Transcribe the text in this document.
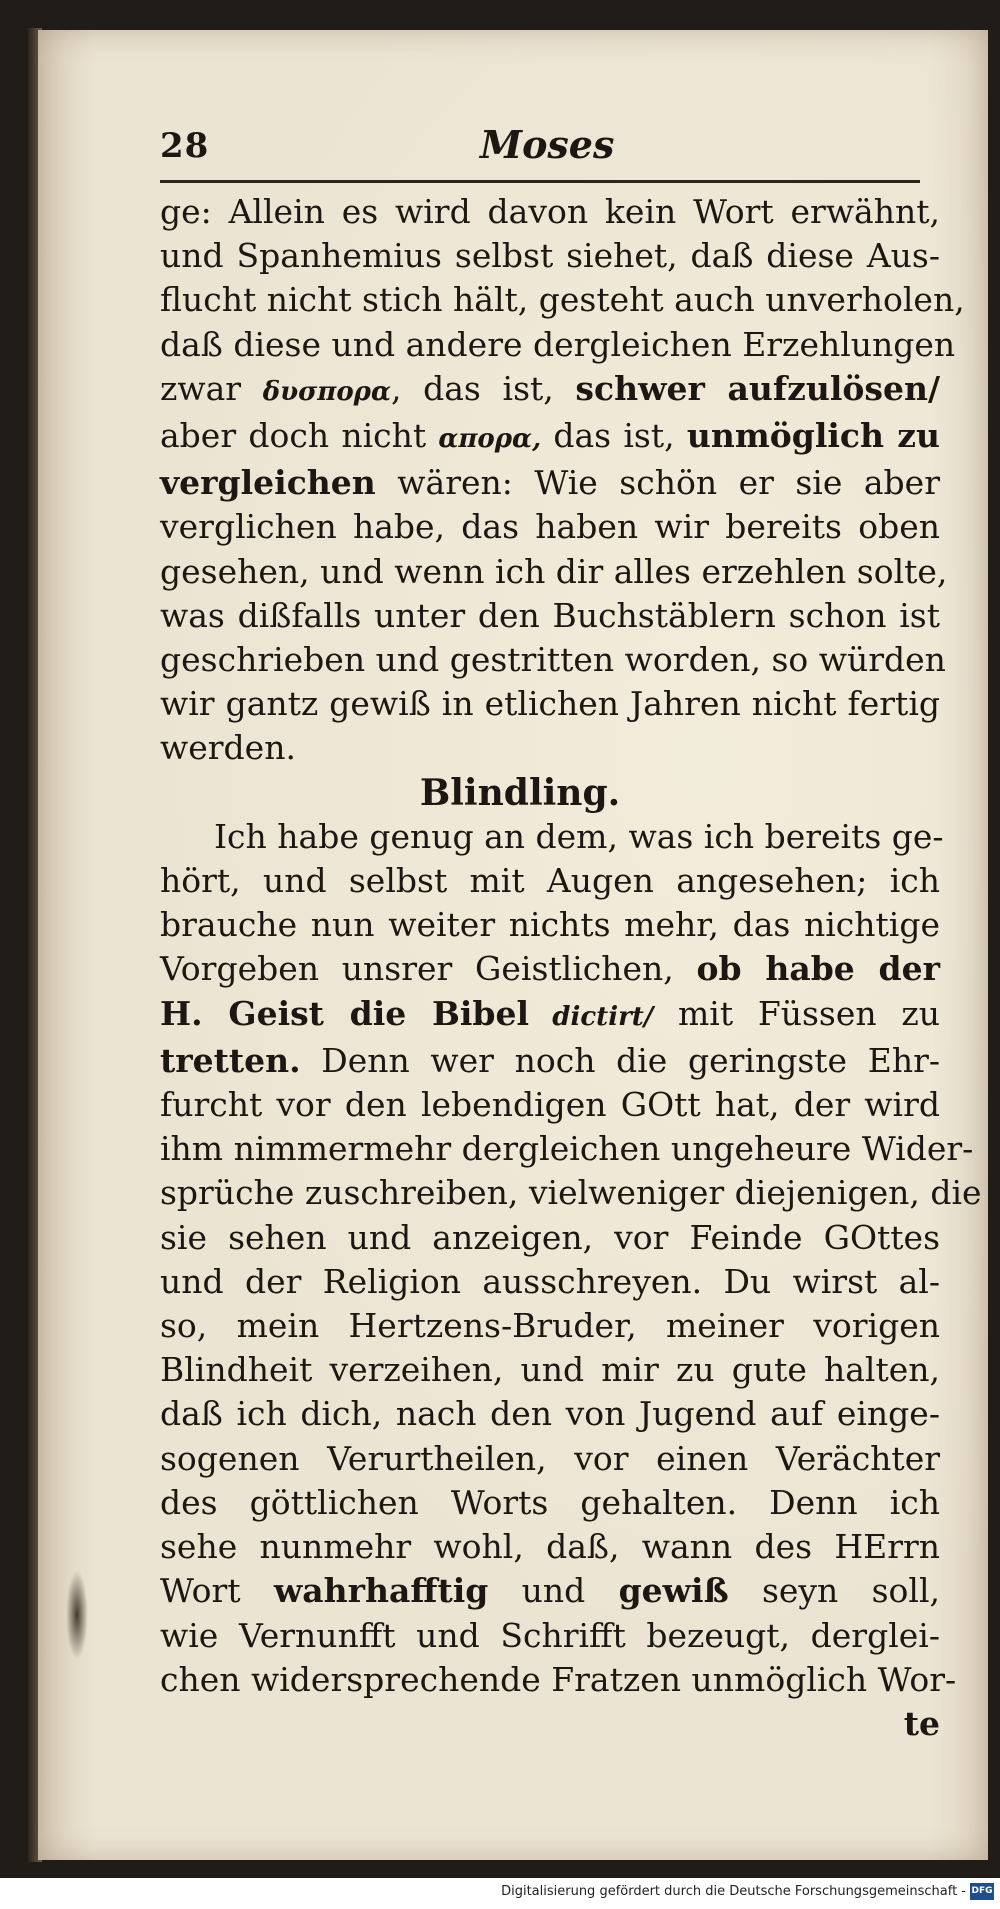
28	Moses
ge: Allein es wird davon kein Wort erwähnt,
und Spanhemius selbst siehet, daß diese Aus-
flucht nicht stich hält, gesteht auch unverholen,
daß diese und andere dergleichen Erzehlungen
zwar δυσπορα, das ist, schwer aufzulösen/
aber doch nicht απορα, das ist, unmöglich zu
vergleichen wären: Wie schön er sie aber
verglichen habe, das haben wir bereits oben
gesehen, und wenn ich dir alles erzehlen solte,
was dißfalls unter den Buchstäblern schon ist
geschrieben und gestritten worden, so würden
wir gantz gewiß in etlichen Jahren nicht fertig
werden.
Blindling.
Ich habe genug an dem, was ich bereits ge-
hört, und selbst mit Augen angesehen; ich
brauche nun weiter nichts mehr, das nichtige
Vorgeben unsrer Geistlichen, ob habe der
H. Geist die Bibel dictirt/ mit Füssen zu
tretten. Denn wer noch die geringste Ehr-
furcht vor den lebendigen GOtt hat, der wird
ihm nimmermehr dergleichen ungeheure Wider-
sprüche zuschreiben, vielweniger diejenigen, die
sie sehen und anzeigen, vor Feinde GOttes
und der Religion ausschreyen. Du wirst al-
so, mein Hertzens-Bruder, meiner vorigen
Blindheit verzeihen, und mir zu gute halten,
daß ich dich, nach den von Jugend auf einge-
sogenen Verurtheilen, vor einen Verächter
des göttlichen Worts gehalten. Denn ich
sehe nunmehr wohl, daß, wann des HErrn
Wort wahrhafftig und gewiß seyn soll,
wie Vernunfft und Schrifft bezeugt, derglei-
chen widersprechende Fratzen unmöglich Wor-
te
Digitalisierung gefördert durch die Deutsche Forschungsgemeinschaft - DFG
